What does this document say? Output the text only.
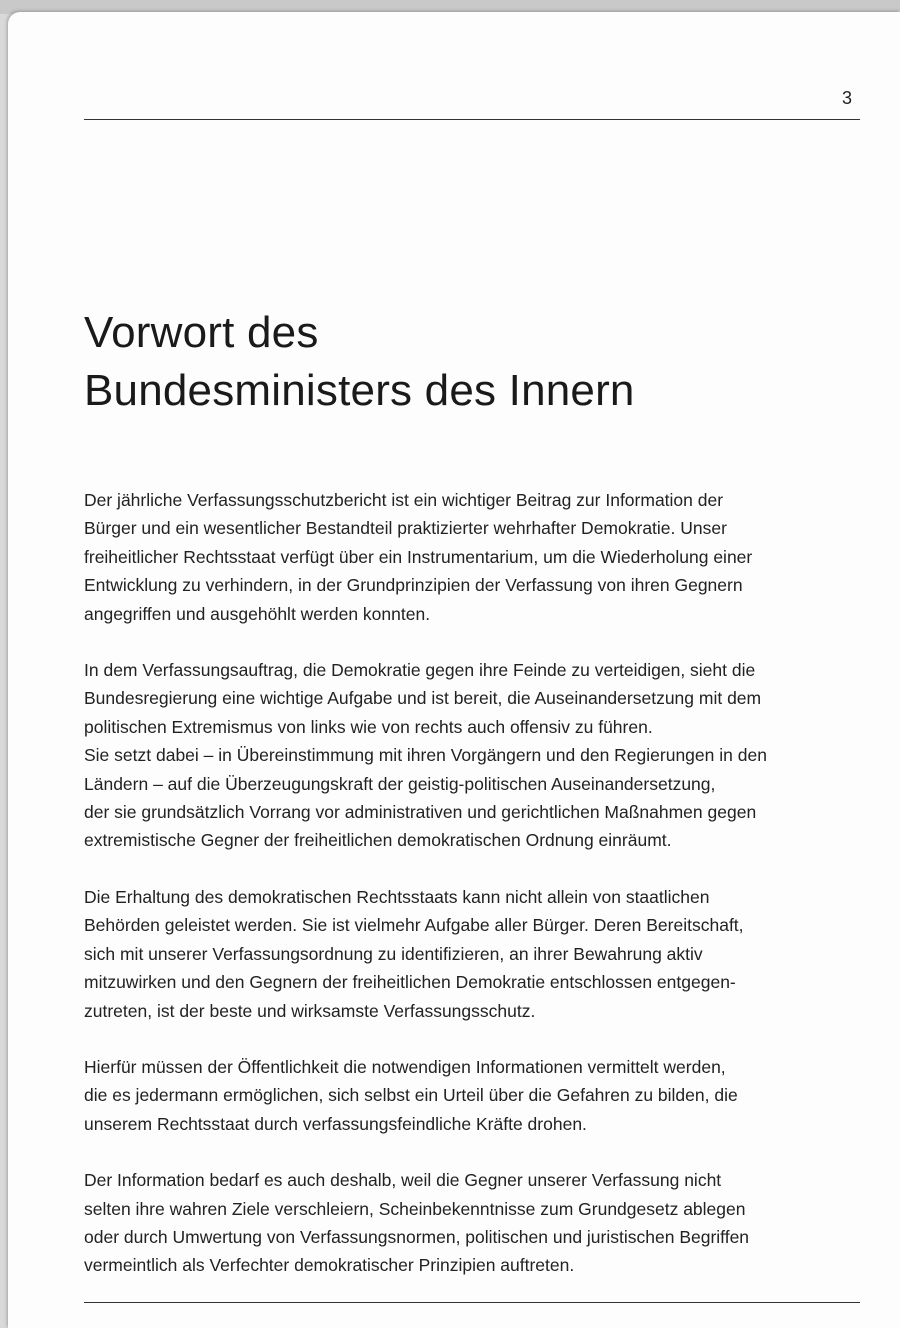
3
Vorwort des
Bundesministers des Innern

Der jährliche Verfassungsschutzbericht ist ein wichtiger Beitrag zur Information der
Bürger und ein wesentlicher Bestandteil praktizierter wehrhafter Demokratie. Unser
freiheitlicher Rechtsstaat verfügt über ein Instrumentarium, um die Wiederholung einer
Entwicklung zu verhindern, in der Grundprinzipien der Verfassung von ihren Gegnern
angegriffen und ausgehöhlt werden konnten.

In dem Verfassungsauftrag, die Demokratie gegen ihre Feinde zu verteidigen, sieht die
Bundesregierung eine wichtige Aufgabe und ist bereit, die Auseinandersetzung mit dem
politischen Extremismus von links wie von rechts auch offensiv zu führen.
Sie setzt dabei – in Übereinstimmung mit ihren Vorgängern und den Regierungen in den
Ländern – auf die Überzeugungskraft der geistig-politischen Auseinandersetzung,
der sie grundsätzlich Vorrang vor administrativen und gerichtlichen Maßnahmen gegen
extremistische Gegner der freiheitlichen demokratischen Ordnung einräumt.

Die Erhaltung des demokratischen Rechtsstaats kann nicht allein von staatlichen
Behörden geleistet werden. Sie ist vielmehr Aufgabe aller Bürger. Deren Bereitschaft,
sich mit unserer Verfassungsordnung zu identifizieren, an ihrer Bewahrung aktiv
mitzuwirken und den Gegnern der freiheitlichen Demokratie entschlossen entgegen-
zutreten, ist der beste und wirksamste Verfassungsschutz.

Hierfür müssen der Öffentlichkeit die notwendigen Informationen vermittelt werden,
die es jedermann ermöglichen, sich selbst ein Urteil über die Gefahren zu bilden, die
unserem Rechtsstaat durch verfassungsfeindliche Kräfte drohen.

Der Information bedarf es auch deshalb, weil die Gegner unserer Verfassung nicht
selten ihre wahren Ziele verschleiern, Scheinbekenntnisse zum Grundgesetz ablegen
oder durch Umwertung von Verfassungsnormen, politischen und juristischen Begriffen
vermeintlich als Verfechter demokratischer Prinzipien auftreten.
